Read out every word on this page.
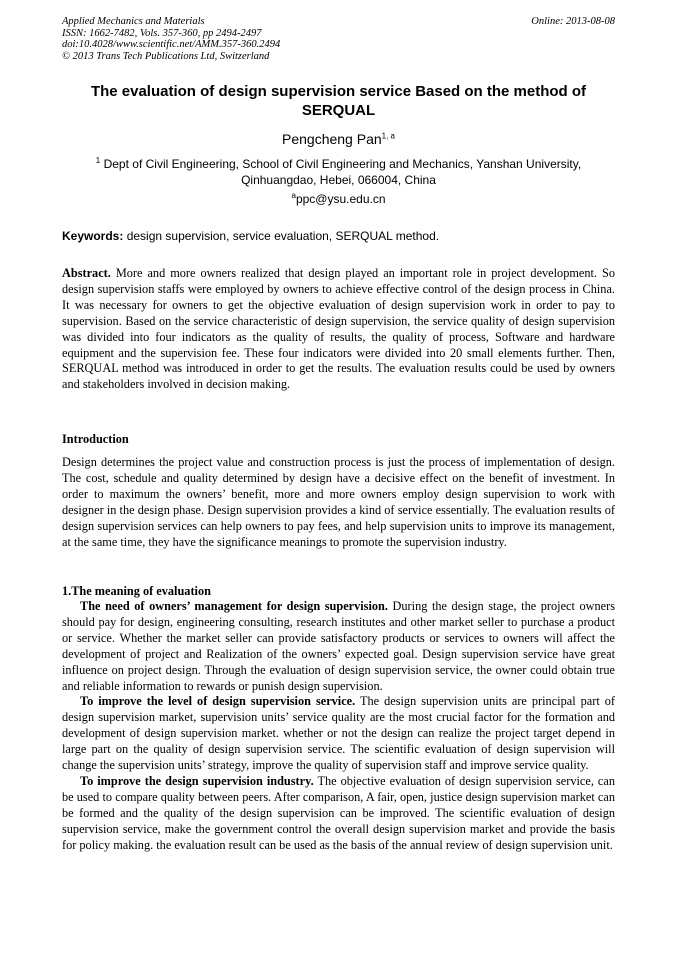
Applied Mechanics and Materials
ISSN: 1662-7482, Vols. 357-360, pp 2494-2497
doi:10.4028/www.scientific.net/AMM.357-360.2494
© 2013 Trans Tech Publications Ltd, Switzerland
Online: 2013-08-08
The evaluation of design supervision service Based on the method of SERQUAL
Pengcheng Pan$^{1, a}$
$^1$ Dept of Civil Engineering, School of Civil Engineering and Mechanics, Yanshan University, Qinhuangdao, Hebei, 066004, China
$^a$ppc@ysu.edu.cn
Keywords: design supervision, service evaluation, SERQUAL method.
Abstract. More and more owners realized that design played an important role in project development. So design supervision staffs were employed by owners to achieve effective control of the design process in China. It was necessary for owners to get the objective evaluation of design supervision work in order to pay to supervision. Based on the service characteristic of design supervision, the service quality of design supervision was divided into four indicators as the quality of results, the quality of process, Software and hardware equipment and the supervision fee. These four indicators were divided into 20 small elements further. Then, SERQUAL method was introduced in order to get the results. The evaluation results could be used by owners and stakeholders involved in decision making.
Introduction
Design determines the project value and construction process is just the process of implementation of design. The cost, schedule and quality determined by design have a decisive effect on the benefit of investment. In order to maximum the owners’ benefit, more and more owners employ design supervision to work with designer in the design phase. Design supervision provides a kind of service essentially. The evaluation results of design supervision services can help owners to pay fees, and help supervision units to improve its management, at the same time, they have the significance meanings to promote the supervision industry.
1.The meaning of evaluation

The need of owners’ management for design supervision. During the design stage, the project owners should pay for design, engineering consulting, research institutes and other market seller to purchase a product or service. Whether the market seller can provide satisfactory products or services to owners will affect the development of project and Realization of the owners’ expected goal. Design supervision service have great influence on project design. Through the evaluation of design supervision service, the owner could obtain true and reliable information to rewards or punish design supervision.

To improve the level of design supervision service. The design supervision units are principal part of design supervision market, supervision units’ service quality are the most crucial factor for the formation and development of design supervision market. whether or not the design can realize the project target depend in large part on the quality of design supervision service. The scientific evaluation of design supervision will change the supervision units’ strategy, improve the quality of supervision staff and improve service quality.

To improve the design supervision industry. The objective evaluation of design supervision service, can be used to compare quality between peers. After comparison, A fair, open, justice design supervision market can be formed and the quality of the design supervision can be improved. The scientific evaluation of design supervision service, make the government control the overall design supervision market and provide the basis for policy making. the evaluation result can be used as the basis of the annual review of design supervision unit.
